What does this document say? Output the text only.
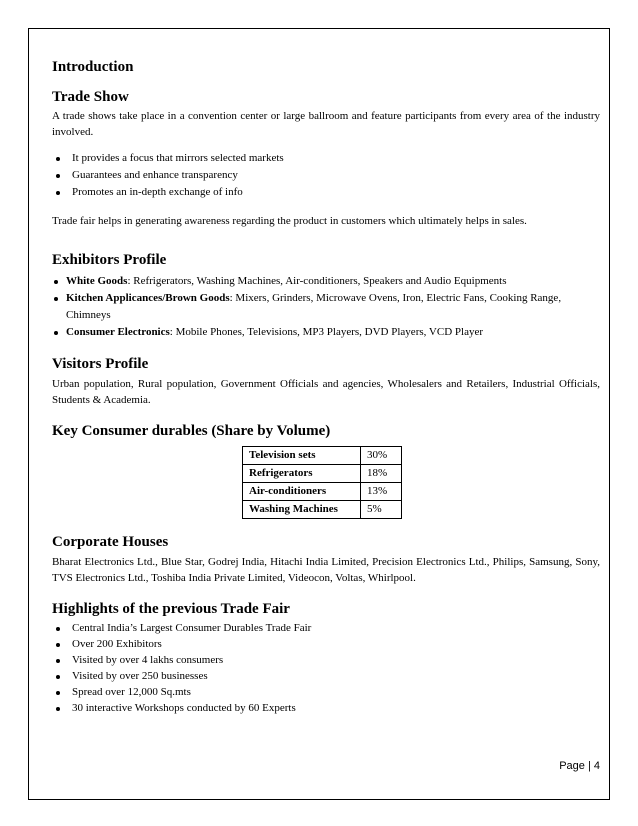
Introduction
Trade Show

A trade shows take place in a convention center or large ballroom and feature participants from every area of the industry involved.

It provides a focus that mirrors selected markets
Guarantees and enhance transparency
Promotes an in-depth exchange of info

Trade fair helps in generating awareness regarding the product in customers which ultimately helps in sales.

Exhibitors Profile
White Goods: Refrigerators, Washing Machines, Air-conditioners, Speakers and Audio Equipments
Kitchen Applicances/Brown Goods: Mixers, Grinders, Microwave Ovens, Iron, Electric Fans, Cooking Range, Chimneys
Consumer Electronics: Mobile Phones, Televisions, MP3 Players, DVD Players, VCD Player
Visitors Profile

Urban population, Rural population, Government Officials and agencies, Wholesalers and Retailers, Industrial Officials, Students & Academia.

Key Consumer durables (Share by Volume)
Television sets	30%
Refrigerators	18%
Air-conditioners	13%
Washing Machines	5%
Corporate Houses

Bharat Electronics Ltd., Blue Star, Godrej India, Hitachi India Limited, Precision Electronics Ltd., Philips, Samsung, Sony, TVS Electronics Ltd., Toshiba India Private Limited, Videocon, Voltas, Whirlpool.

Highlights of the previous Trade Fair
Central India’s Largest Consumer Durables Trade Fair
Over 200 Exhibitors
Visited by over 4 lakhs consumers
Visited by over 250 businesses
Spread over 12,000 Sq.mts
30 interactive Workshops conducted by 60 Experts
Page | 4
